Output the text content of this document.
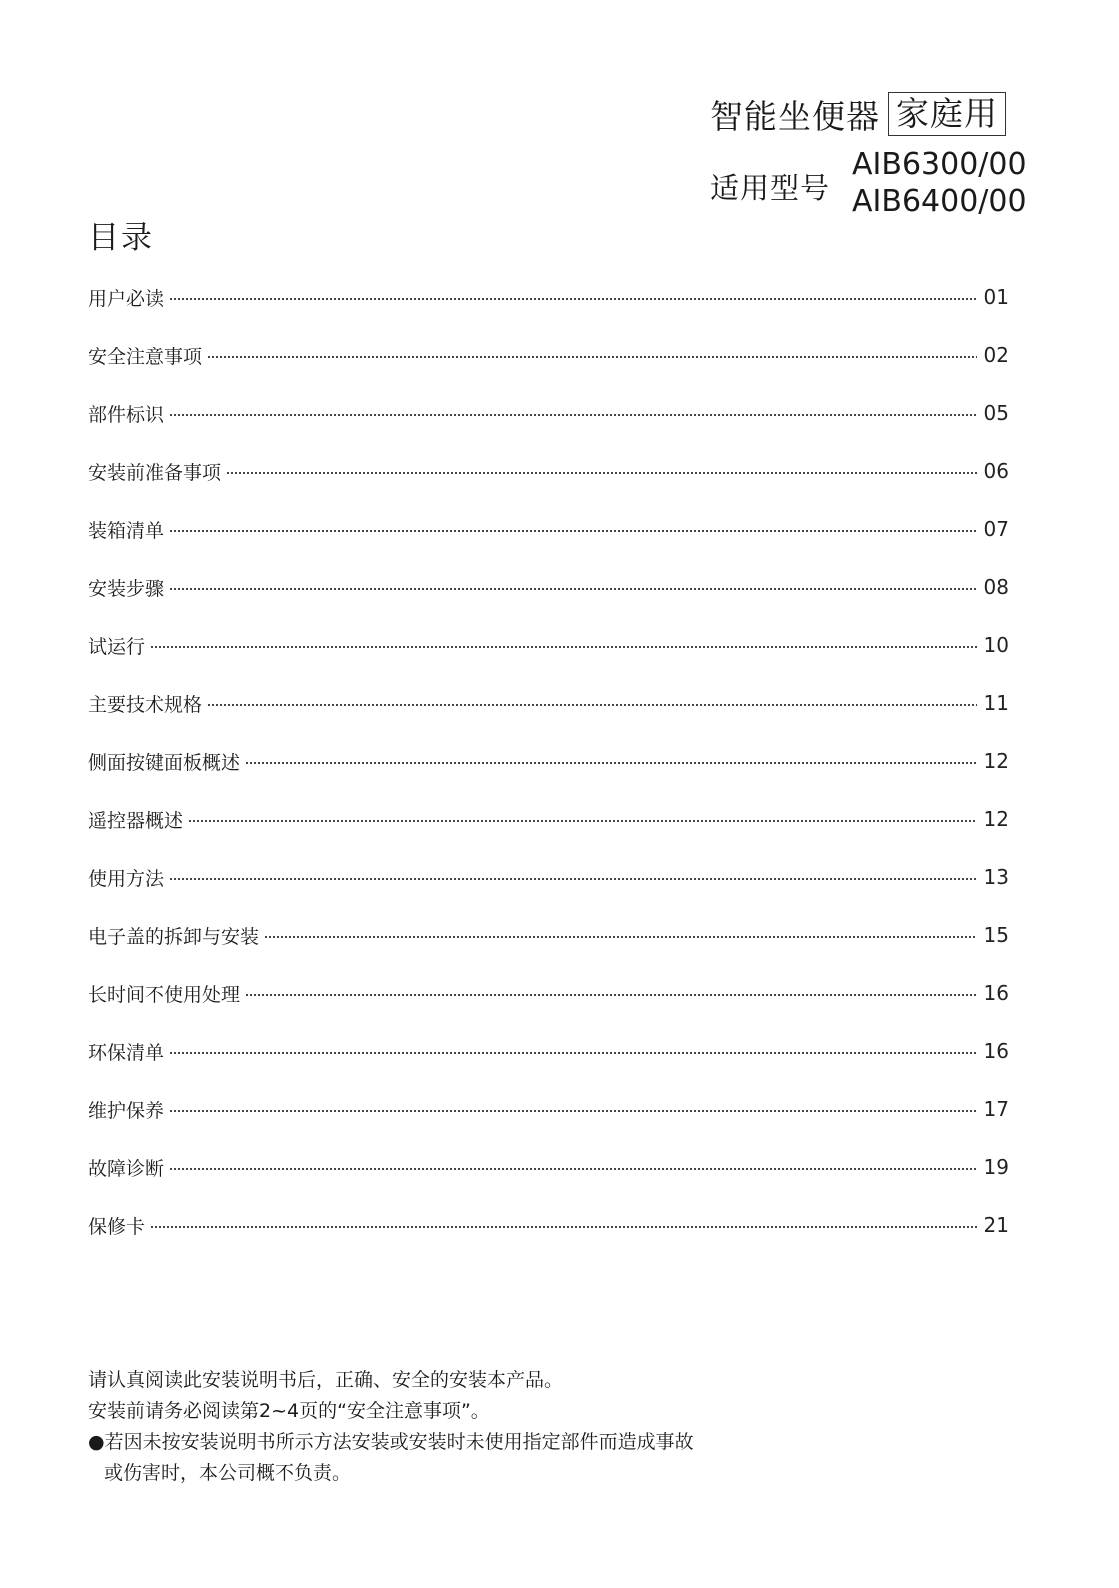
智能坐便器 家庭用
适用型号
AIB6300/00
AIB6400/00
目录
用户必读	01
安全注意事项	02
部件标识	05
安装前准备事项	06
装箱清单	07
安装步骤	08
试运行	10
主要技术规格	11
侧面按键面板概述	12
遥控器概述	12
使用方法	13
电子盖的拆卸与安装	15
长时间不使用处理	16
环保清单	16
维护保养	17
故障诊断	19
保修卡	21

请认真阅读此安装说明书后，正确、安全的安装本产品。

安装前请务必阅读第2~4页的“安全注意事项”。

●若因未按安装说明书所示方法安装或安装时未使用指定部件而造成事故

或伤害时，本公司概不负责。
